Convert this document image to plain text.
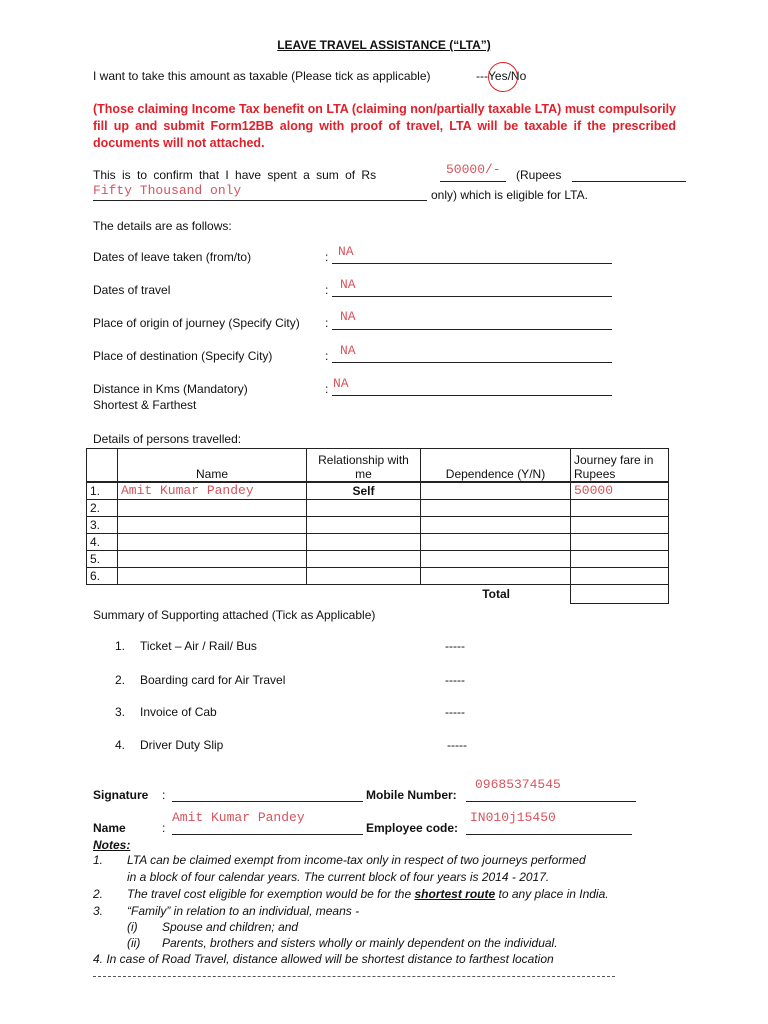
LEAVE TRAVEL ASSISTANCE (“LTA”)
I want to take this amount as taxable (Please tick as applicable)	---Yes/No
(Those claiming Income Tax benefit on LTA (claiming non/partially taxable LTA) must compulsorily fill up and submit Form12BB along with proof of travel, LTA will be taxable if the prescribed documents will not attached.
This is to confirm that I have spent a sum of Rs	50000/- (Rupees
Fifty Thousand only	only) which is eligible for LTA.
The details are as follows:
Dates of leave taken (from/to)	: NA
Dates of travel	: NA
Place of origin of journey (Specify City) : NA
Place of destination (Specify City)	: NA
Distance in Kms (Mandatory)
Shortest & Farthest
: NA
Details of persons travelled:
	Name	Relationship with me	Dependence (Y/N)	Journey fare in Rupees
1.	Amit Kumar Pandey	Self		50000
2.				
3.				
4.				
5.				
6.				
Total				
Summary of Supporting attached (Tick as Applicable)
1. Ticket – Air / Rail/ Bus	-----
2. Boarding card for Air Travel	-----
3. Invoice of Cab	-----
4. Driver Duty Slip	-----
Signature :	Mobile Number:
09685374545
Name	:
Amit Kumar Pandey
Employee code:
IN010j15450
Notes:
1. LTA can be claimed exempt from income-tax only in respect of two journeys performed
in a block of four calendar years. The current block of four years is 2014 - 2017.
2. The travel cost eligible for exemption would be for the shortest route to any place in India.
3. “Family” in relation to an individual, means -
(i) Spouse and children; and
(ii) Parents, brothers and sisters wholly or mainly dependent on the individual.
4. In case of Road Travel, distance allowed will be shortest distance to farthest location
